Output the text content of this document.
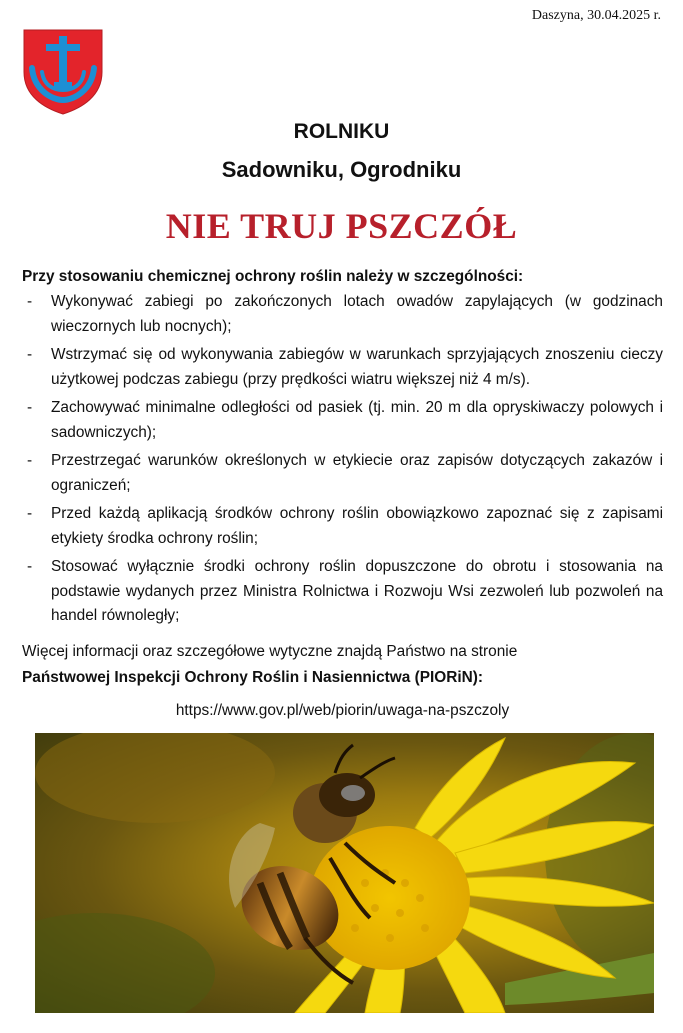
Daszyna, 30.04.2025 r.
ROLNIKU
Sadowniku, Ogrodniku
NIE TRUJ PSZCZÓŁ
Przy stosowaniu chemicznej ochrony roślin należy w szczególności:
- Wykonywać zabiegi po zakończonych lotach owadów zapylających (w godzinach wieczornych lub nocnych);
- Wstrzymać się od wykonywania zabiegów w warunkach sprzyjających znoszeniu cieczy użytkowej podczas zabiegu (przy prędkości wiatru większej niż 4 m/s).
- Zachowywać minimalne odległości od pasiek (tj. min. 20 m dla opryskiwaczy polowych i sadowniczych);
- Przestrzegać warunków określonych w etykiecie oraz zapisów dotyczących zakazów i ograniczeń;
- Przed każdą aplikacją środków ochrony roślin obowiązkowo zapoznać się z zapisami etykiety środka ochrony roślin;
- Stosować wyłącznie środki ochrony roślin dopuszczone do obrotu i stosowania na podstawie wydanych przez Ministra Rolnictwa i Rozwoju Wsi zezwoleń lub pozwoleń na handel równoległy;
Więcej informacji oraz szczegółowe wytyczne znajdą Państwo na stronie
Państwowej Inspekcji Ochrony Roślin i Nasiennictwa (PIORiN):
https://www.gov.pl/web/piorin/uwaga-na-pszczoly
